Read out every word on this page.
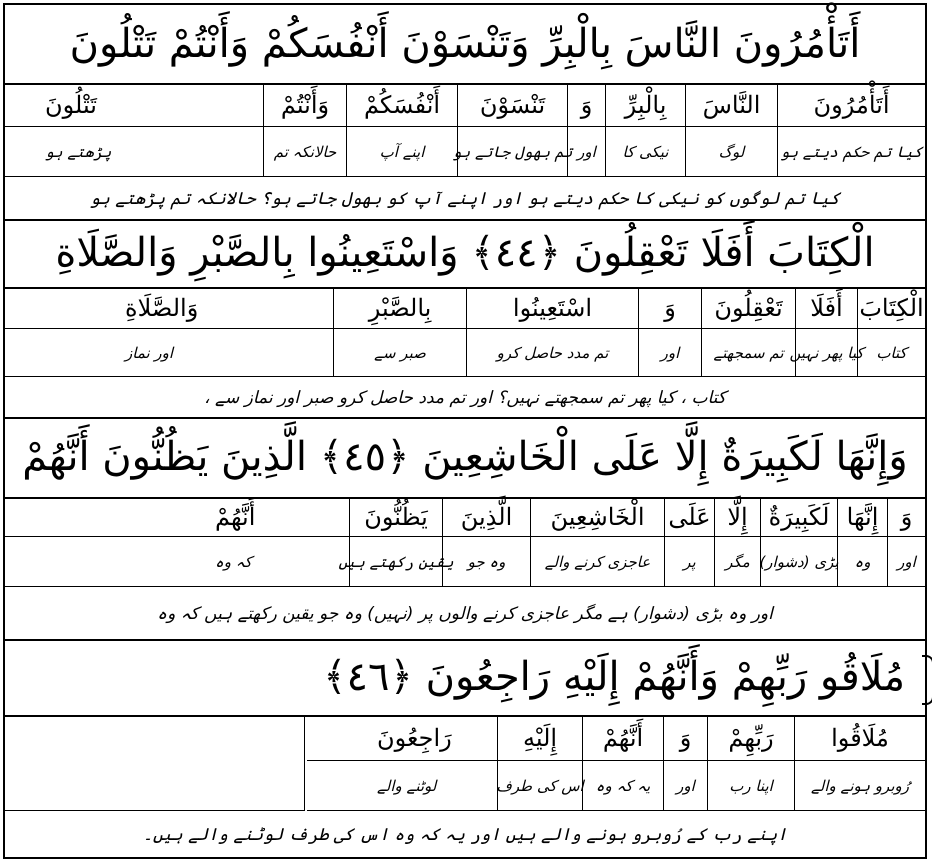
أَتَأْمُرُونَ النَّاسَ بِالْبِرِّ وَتَنْسَوْنَ أَنْفُسَكُمْ وَأَنْتُمْ تَتْلُونَ
أَتَأْمُرُونَ
کیا تم حکم دیتے ہو
النَّاسَ
لوگ
بِالْبِرِّ
نیکی کا
وَ
اور
تَنْسَوْنَ
تم بھول جاتے ہو
أَنْفُسَكُمْ
اپنے آپ
وَأَنْتُمْ
حالانکہ تم
تَتْلُونَ
پڑھتے ہو
کیا تم لوگوں کو نیکی کا حکم دیتے ہو اور اپنے آپ کو بھول جاتے ہو؟ حالانکہ تم پڑھتے ہو
الْكِتَابَ أَفَلَا تَعْقِلُونَ ﴿٤٤﴾ وَاسْتَعِينُوا بِالصَّبْرِ وَالصَّلَاةِ
الْكِتَابَ
کتاب
أَفَلَا
کیا پھر نہیں
تَعْقِلُونَ
تم سمجھتے
وَ
اور
اسْتَعِينُوا
تم مدد حاصل کرو
بِالصَّبْرِ
صبر سے
وَالصَّلَاةِ
اور نماز
کتاب ، کیا پھر تم سمجھتے نہیں؟ اور تم مدد حاصل کرو صبر اور نماز سے ،
وَإِنَّهَا لَكَبِيرَةٌ إِلَّا عَلَى الْخَاشِعِينَ ﴿٤٥﴾ الَّذِينَ يَظُنُّونَ أَنَّهُمْ
وَ
اور
إِنَّهَا
وہ
لَكَبِيرَةٌ
بڑی (دشوار)
إِلَّا
مگر
عَلَى
پر
الْخَاشِعِينَ
عاجزی کرنے والے
الَّذِينَ
وہ جو
يَظُنُّونَ
یقین رکھتے ہیں
أَنَّهُمْ
کہ وہ
اور وہ بڑی (دشوار) ہے مگر عاجزی کرنے والوں پر (نہیں) وہ جو یقین رکھتے ہیں کہ وہ
مُلَاقُو رَبِّهِمْ وَأَنَّهُمْ إِلَيْهِ رَاجِعُونَ ﴿٤٦﴾
مُلَاقُوا
رُوبرو ہونے والے
رَبِّهِمْ
اپنا رب
وَ
اور
أَنَّهُمْ
یہ کہ وہ
إِلَيْهِ
اس کی طرف
رَاجِعُونَ
لوٹنے والے
اپنے رب کے رُوبرو ہونے والے ہیں اور یہ کہ وہ اس کی طرف لوٹنے والے ہیں۔
